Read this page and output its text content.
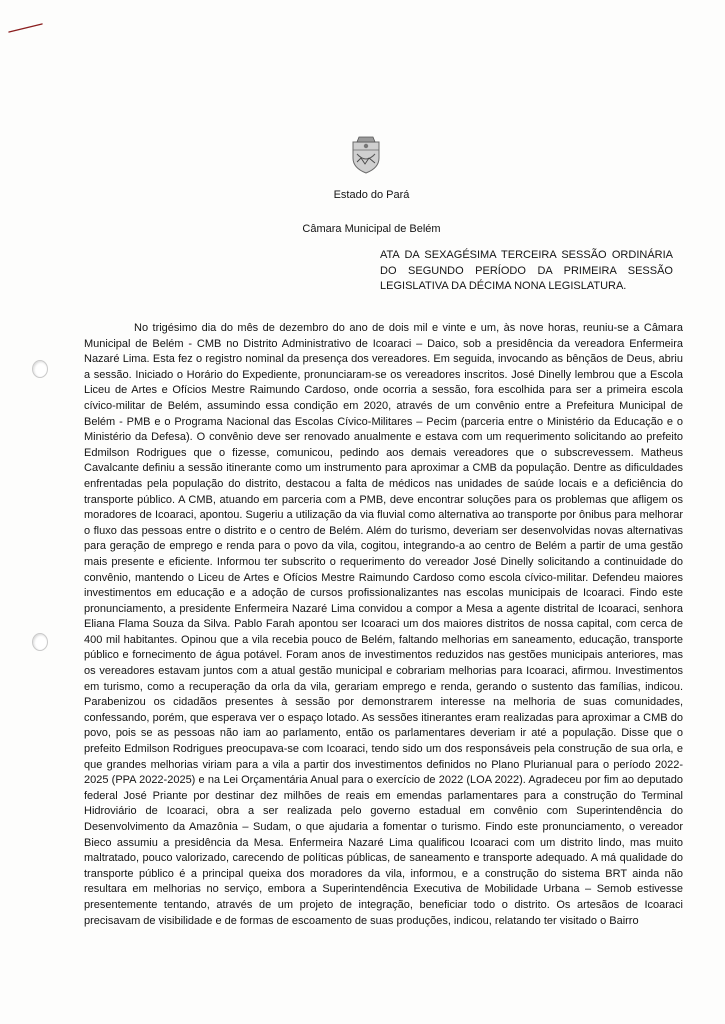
Estado do Pará
Câmara Municipal de Belém
ATA DA SEXAGÉSIMA TERCEIRA SESSÃO ORDINÁRIA DO SEGUNDO PERÍODO DA PRIMEIRA SESSÃO LEGISLATIVA DA DÉCIMA NONA LEGISLATURA.

No trigésimo dia do mês de dezembro do ano de dois mil e vinte e um, às nove horas, reuniu-se a Câmara Municipal de Belém - CMB no Distrito Administrativo de Icoaraci – Daico, sob a presidência da vereadora Enfermeira Nazaré Lima. Esta fez o registro nominal da presença dos vereadores. Em seguida, invocando as bênçãos de Deus, abriu a sessão. Iniciado o Horário do Expediente, pronunciaram-se os vereadores inscritos. José Dinelly lembrou que a Escola Liceu de Artes e Ofícios Mestre Raimundo Cardoso, onde ocorria a sessão, fora escolhida para ser a primeira escola cívico-militar de Belém, assumindo essa condição em 2020, através de um convênio entre a Prefeitura Municipal de Belém - PMB e o Programa Nacional das Escolas Cívico-Militares – Pecim (parceria entre o Ministério da Educação e o Ministério da Defesa). O convênio deve ser renovado anualmente e estava com um requerimento solicitando ao prefeito Edmilson Rodrigues que o fizesse, comunicou, pedindo aos demais vereadores que o subscrevessem. Matheus Cavalcante definiu a sessão itinerante como um instrumento para aproximar a CMB da população. Dentre as dificuldades enfrentadas pela população do distrito, destacou a falta de médicos nas unidades de saúde locais e a deficiência do transporte público. A CMB, atuando em parceria com a PMB, deve encontrar soluções para os problemas que afligem os moradores de Icoaraci, apontou. Sugeriu a utilização da via fluvial como alternativa ao transporte por ônibus para melhorar o fluxo das pessoas entre o distrito e o centro de Belém. Além do turismo, deveriam ser desenvolvidas novas alternativas para geração de emprego e renda para o povo da vila, cogitou, integrando-a ao centro de Belém a partir de uma gestão mais presente e eficiente. Informou ter subscrito o requerimento do vereador José Dinelly solicitando a continuidade do convênio, mantendo o Liceu de Artes e Ofícios Mestre Raimundo Cardoso como escola cívico-militar. Defendeu maiores investimentos em educação e a adoção de cursos profissionalizantes nas escolas municipais de Icoaraci. Findo este pronunciamento, a presidente Enfermeira Nazaré Lima convidou a compor a Mesa a agente distrital de Icoaraci, senhora Eliana Flama Souza da Silva. Pablo Farah apontou ser Icoaraci um dos maiores distritos de nossa capital, com cerca de 400 mil habitantes. Opinou que a vila recebia pouco de Belém, faltando melhorias em saneamento, educação, transporte público e fornecimento de água potável. Foram anos de investimentos reduzidos nas gestões municipais anteriores, mas os vereadores estavam juntos com a atual gestão municipal e cobrariam melhorias para Icoaraci, afirmou. Investimentos em turismo, como a recuperação da orla da vila, gerariam emprego e renda, gerando o sustento das famílias, indicou. Parabenizou os cidadãos presentes à sessão por demonstrarem interesse na melhoria de suas comunidades, confessando, porém, que esperava ver o espaço lotado. As sessões itinerantes eram realizadas para aproximar a CMB do povo, pois se as pessoas não iam ao parlamento, então os parlamentares deveriam ir até a população. Disse que o prefeito Edmilson Rodrigues preocupava-se com Icoaraci, tendo sido um dos responsáveis pela construção de sua orla, e que grandes melhorias viriam para a vila a partir dos investimentos definidos no Plano Plurianual para o período 2022-2025 (PPA 2022-2025) e na Lei Orçamentária Anual para o exercício de 2022 (LOA 2022). Agradeceu por fim ao deputado federal José Priante por destinar dez milhões de reais em emendas parlamentares para a construção do Terminal Hidroviário de Icoaraci, obra a ser realizada pelo governo estadual em convênio com Superintendência do Desenvolvimento da Amazônia – Sudam, o que ajudaria a fomentar o turismo. Findo este pronunciamento, o vereador Bieco assumiu a presidência da Mesa. Enfermeira Nazaré Lima qualificou Icoaraci com um distrito lindo, mas muito maltratado, pouco valorizado, carecendo de políticas públicas, de saneamento e transporte adequado. A má qualidade do transporte público é a principal queixa dos moradores da vila, informou, e a construção do sistema BRT ainda não resultara em melhorias no serviço, embora a Superintendência Executiva de Mobilidade Urbana – Semob estivesse presentemente tentando, através de um projeto de integração, beneficiar todo o distrito. Os artesãos de Icoaraci precisavam de visibilidade e de formas de escoamento de suas produções, indicou, relatando ter visitado o Bairro
